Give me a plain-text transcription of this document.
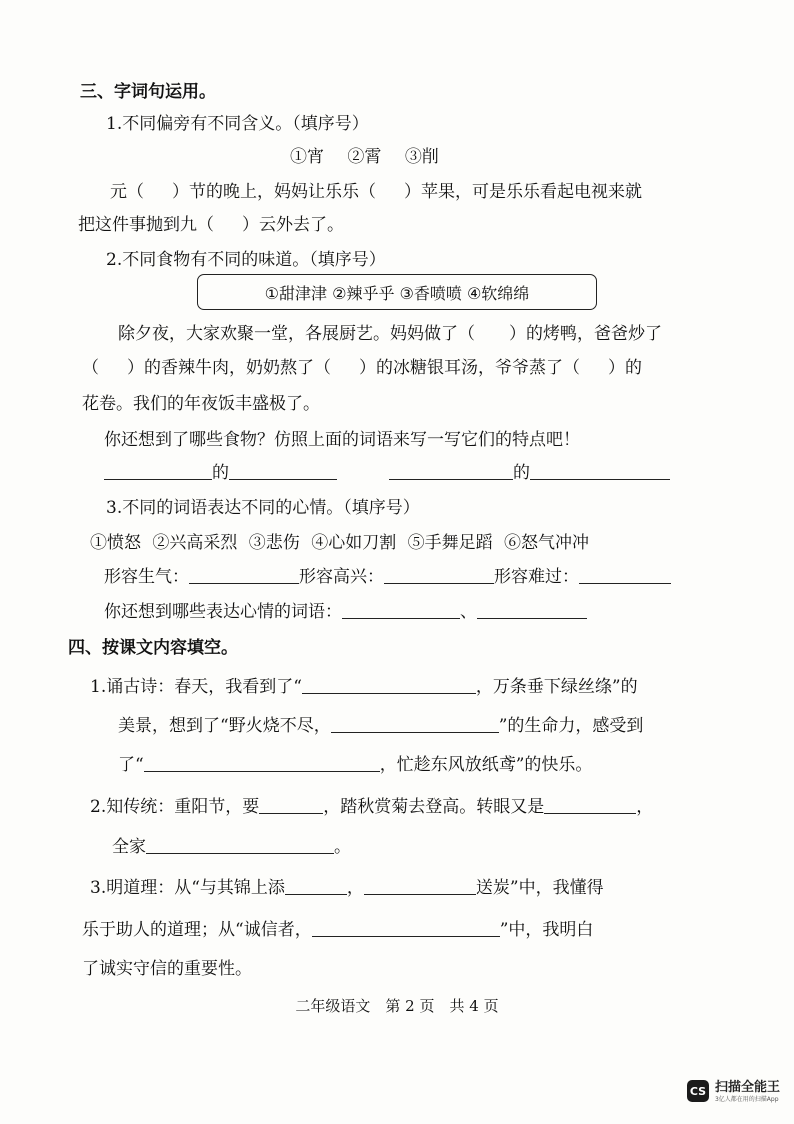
三、字词句运用。
1.不同偏旁有不同含义。（填序号）
①宵 ②霄 ③削
元（ ）节的晚上，妈妈让乐乐（ ）苹果，可是乐乐看起电视来就
把这件事抛到九（ ）云外去了。
2.不同食物有不同的味道。（填序号）
①甜津津 ②辣乎乎 ③香喷喷 ④软绵绵
除夕夜，大家欢聚一堂，各展厨艺。妈妈做了（ ）的烤鸭，爸爸炒了
（ ）的香辣牛肉，奶奶熬了（ ）的冰糖银耳汤，爷爷蒸了（ ）的
花卷。我们的年夜饭丰盛极了。
你还想到了哪些食物？仿照上面的词语来写一写它们的特点吧！
的	的
3.不同的词语表达不同的心情。（填序号）
①愤怒 ②兴高采烈 ③悲伤 ④心如刀割 ⑤手舞足蹈 ⑥怒气冲冲
形容生气：	形容高兴：	形容难过：
你还想到哪些表达心情的词语：	、
四、按课文内容填空。
1.诵古诗：春天，我看到了“	，万条垂下绿丝绦”的
美景，想到了“野火烧不尽，	”的生命力，感受到
了“	，忙趁东风放纸鸢”的快乐。
2.知传统：重阳节，要	，踏秋赏菊去登高。转眼又是	，
全家	。
3.明道理：从“与其锦上添	，	送炭”中，我懂得
乐于助人的道理；从“诚信者，	”中，我明白
了诚实守信的重要性。
二年级语文　第 2 页　共 4 页
CS 扫描全能王
3亿人都在用的扫描App
